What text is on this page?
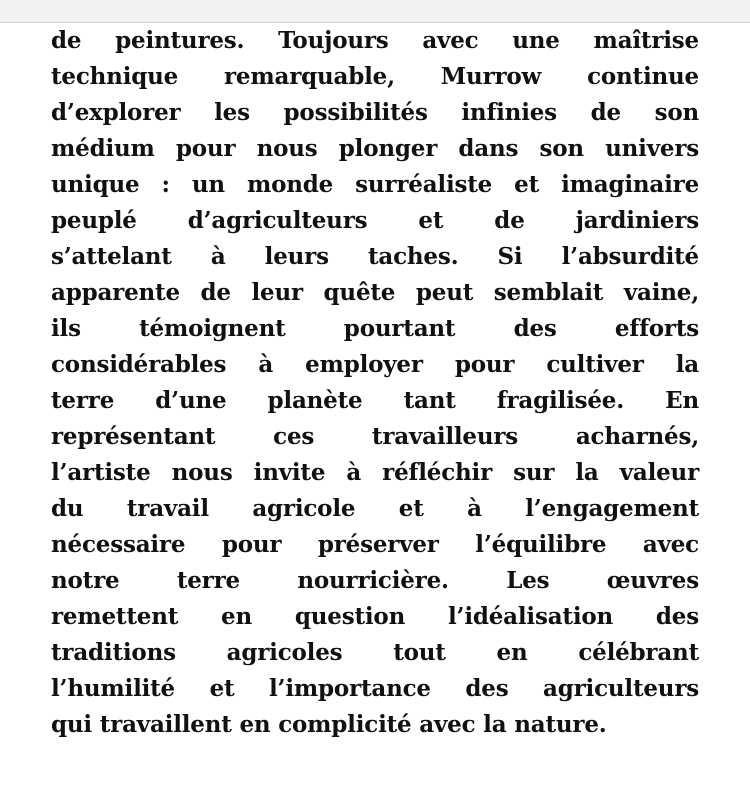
de peintures. Toujours avec une maîtrise
technique remarquable, Murrow continue
d’explorer les possibilités infinies de son
médium pour nous plonger dans son univers
unique : un monde surréaliste et imaginaire
peuplé d’agriculteurs et de jardiniers
s’attelant à leurs taches. Si l’absurdité
apparente de leur quête peut semblait vaine,
ils témoignent pourtant des efforts
considérables à employer pour cultiver la
terre d’une planète tant fragilisée. En
représentant ces travailleurs acharnés,
l’artiste nous invite à réfléchir sur la valeur
du travail agricole et à l’engagement
nécessaire pour préserver l’équilibre avec
notre terre nourricière. Les œuvres
remettent en question l’idéalisation des
traditions agricoles tout en célébrant
l’humilité et l’importance des agriculteurs
qui travaillent en complicité avec la nature.
